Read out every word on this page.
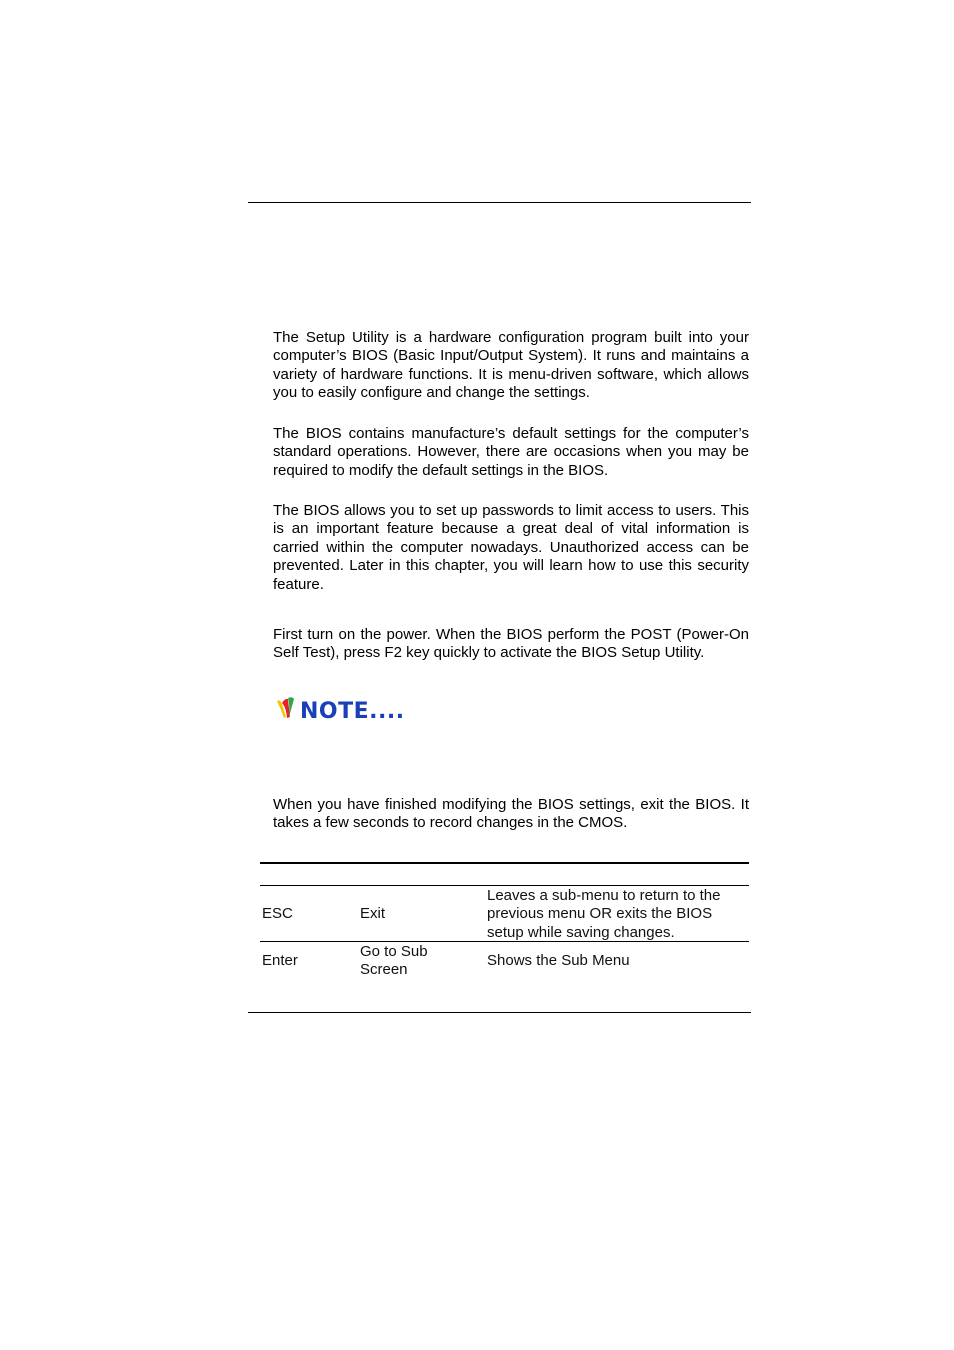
The Setup Utility is a hardware configuration program built into your computer’s BIOS (Basic Input/Output System). It runs and maintains a variety of hardware functions. It is menu-driven software, which allows you to easily configure and change the settings.

The BIOS contains manufacture’s default settings for the computer’s standard operations. However, there are occasions when you may be required to modify the default settings in the BIOS.

The BIOS allows you to set up passwords to limit access to users. This is an important feature because a great deal of vital information is carried within the computer nowadays. Unauthorized access can be prevented. Later in this chapter, you will learn how to use this security feature.

First turn on the power. When the BIOS perform the POST (Power-On Self Test), press F2 key quickly to activate the BIOS Setup Utility.

NOTE....

When you have finished modifying the BIOS settings, exit the BIOS. It takes a few seconds to record changes in the CMOS.

ESC	Exit
Leaves a sub-menu to return to the previous menu OR exits the BIOS setup while saving changes.
Enter
Go to Sub Screen
Shows the Sub Menu
